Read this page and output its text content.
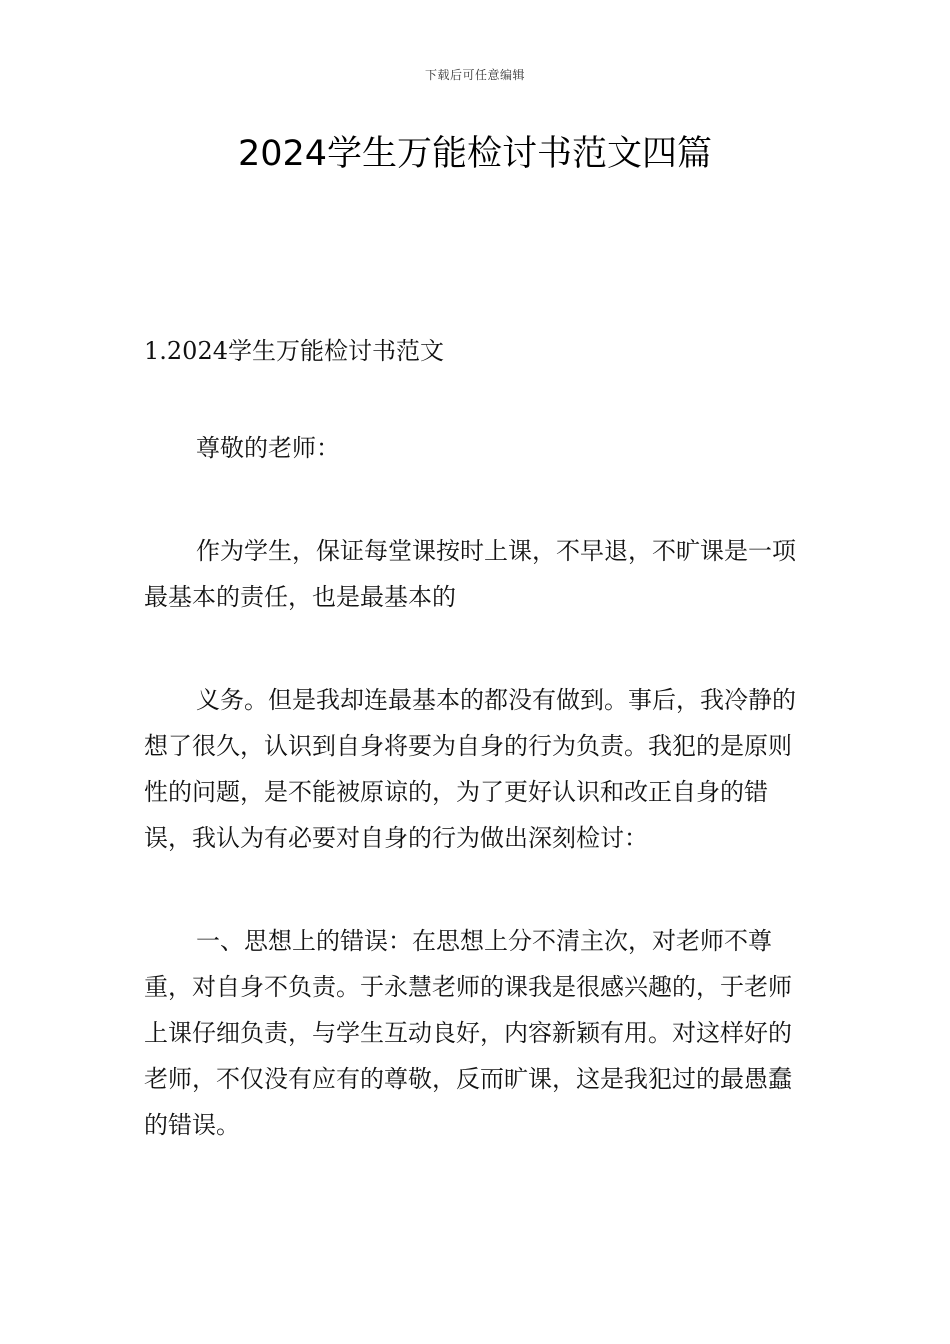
下载后可任意编辑
2024学生万能检讨书范文四篇

1.2024学生万能检讨书范文

尊敬的老师：

作为学生，保证每堂课按时上课，不早退，不旷课是一项最基本的责任，也是最基本的

义务。但是我却连最基本的都没有做到。事后，我冷静的想了很久，认识到自身将要为自身的行为负责。我犯的是原则性的问题，是不能被原谅的，为了更好认识和改正自身的错误，我认为有必要对自身的行为做出深刻检讨：

一、思想上的错误：在思想上分不清主次，对老师不尊重，对自身不负责。于永慧老师的课我是很感兴趣的，于老师上课仔细负责，与学生互动良好，内容新颖有用。对这样好的老师，不仅没有应有的尊敬，反而旷课，这是我犯过的最愚蠢的错误。
